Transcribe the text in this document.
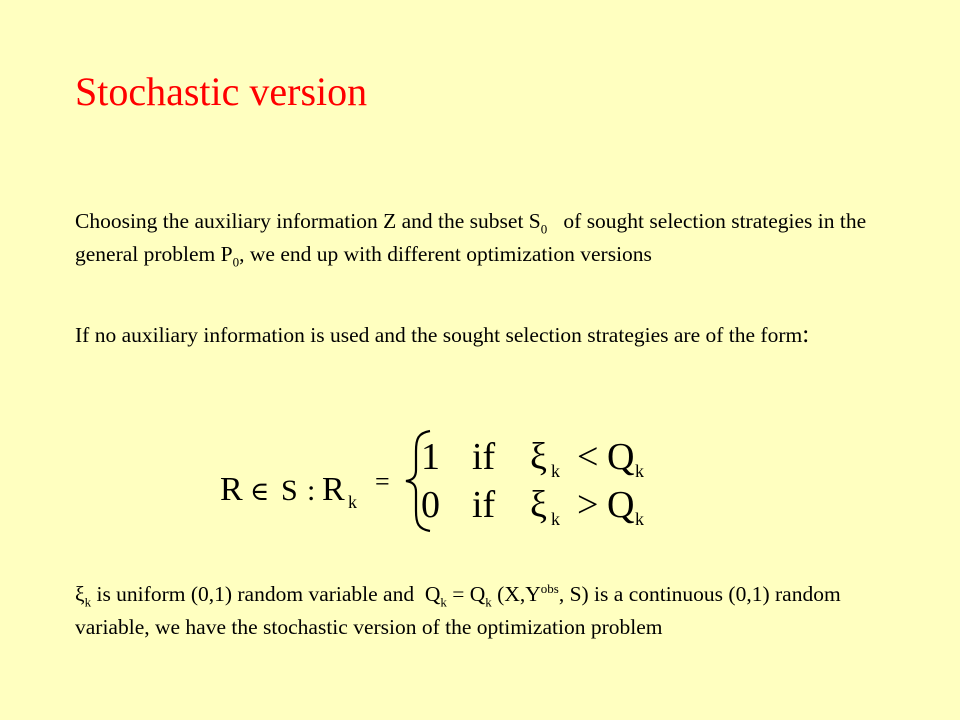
Stochastic version
Choosing the auxiliary information Z and the subset $S_0$   of sought selection strategies in the general problem $P_0$, we end up with different optimization versions
If no auxiliary information is used and the sought selection strategies are of the form:
R ∈ S : R k
=
1 if ξ k < Q k
0 if ξ k > Q k
$\xi_k$ is uniform (0,1) random variable and  $Q_k = Q_k$ ($X,Y^{obs}$, S) is a continuous (0,1) random variable, we have the stochastic version of the optimization problem
